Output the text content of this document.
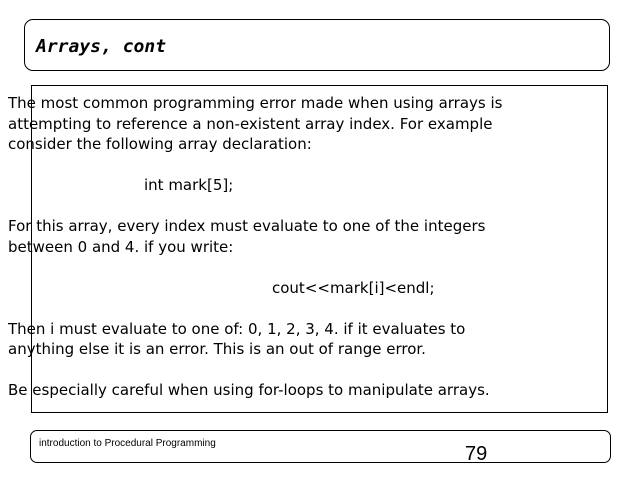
Arrays, cont

The most common programming error made when using arrays is

attempting to reference a non-existent array index. For example

consider the following array declaration:

int mark[5];

For this array, every index must evaluate to one of the integers

between 0 and 4. if you write:

cout<<mark[i]<endl;

Then i must evaluate to one of: 0, 1, 2, 3, 4. if it evaluates to

anything else it is an error. This is an out of range error.

Be especially careful when using for-loops to manipulate arrays.

introduction to Procedural Programming	79
